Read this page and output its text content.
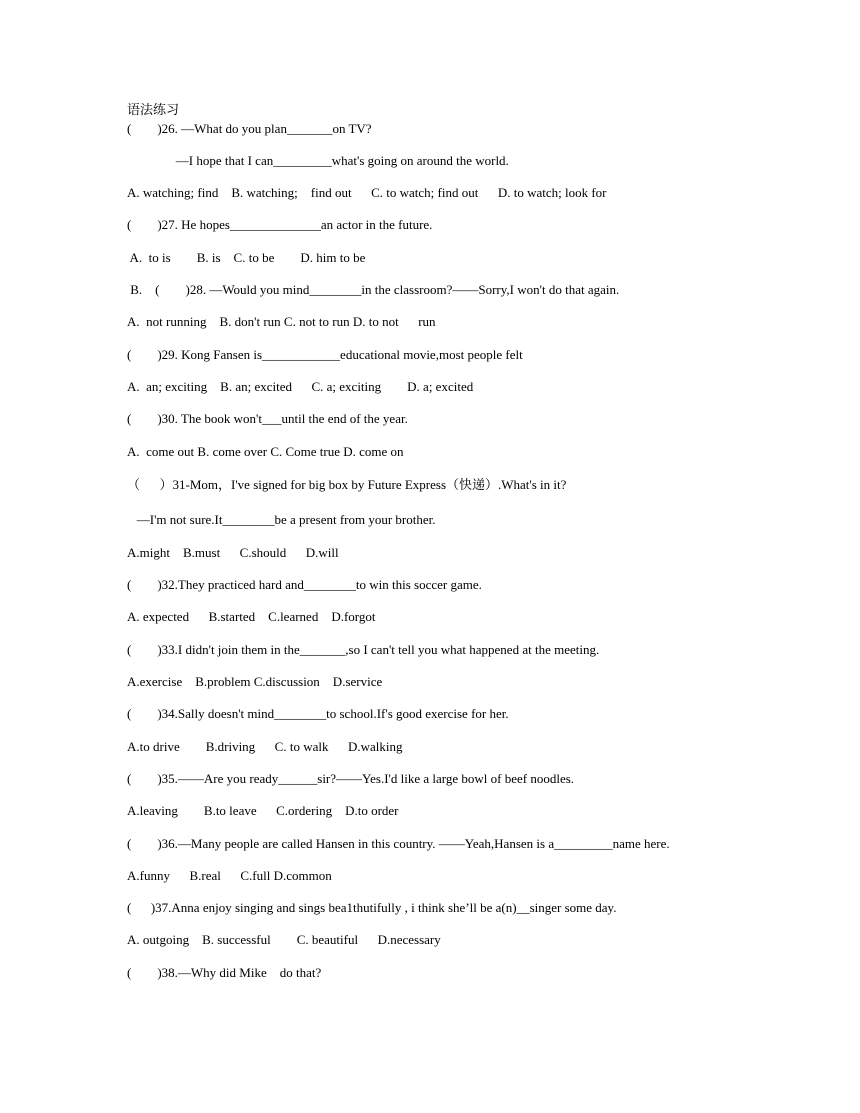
语法练习
(        )26. —What do you plan_______on TV?
—I hope that I can_________what's going on around the world.
A. watching; find    B. watching;    find out      C. to watch; find out      D. to watch; look for
(        )27. He hopes______________an actor in the future.
A.  to is        B. is    C. to be        D. him to be
B.    (        )28. —Would you mind________in the classroom?——Sorry,I won't do that again.
A.  not running    B. don't run C. not to run D. to not      run
(        )29. Kong Fansen is____________educational movie,most people felt
A.  an; exciting    B. an; excited      C. a; exciting        D. a; excited
(        )30. The book won't___until the end of the year.
A.  come out B. come over C. Come true D. come on
（      ）31-Mom，I've signed for big box by Future Express（快递）.What's in it?
—I'm not sure.It________be a present from your brother.
A.might    B.must      C.should      D.will
(        )32.They practiced hard and________to win this soccer game.
A. expected      B.started    C.learned    D.forgot
(        )33.I didn't join them in the_______,so I can't tell you what happened at the meeting.
A.exercise    B.problem C.discussion    D.service
(        )34.Sally doesn't mind________to school.If's good exercise for her.
A.to drive        B.driving      C. to walk      D.walking
(        )35.——Are you ready______sir?——Yes.I'd like a large bowl of beef noodles.
A.leaving        B.to leave      C.ordering    D.to order
(        )36.—Many people are called Hansen in this country. ——Yeah,Hansen is a_________name here.
A.funny      B.real      C.full D.common
(      )37.Anna enjoy singing and sings bea1thutifully , i think she’ll be a(n)__singer some day.
A. outgoing    B. successful        C. beautiful      D.necessary
(        )38.—Why did Mike    do that?
